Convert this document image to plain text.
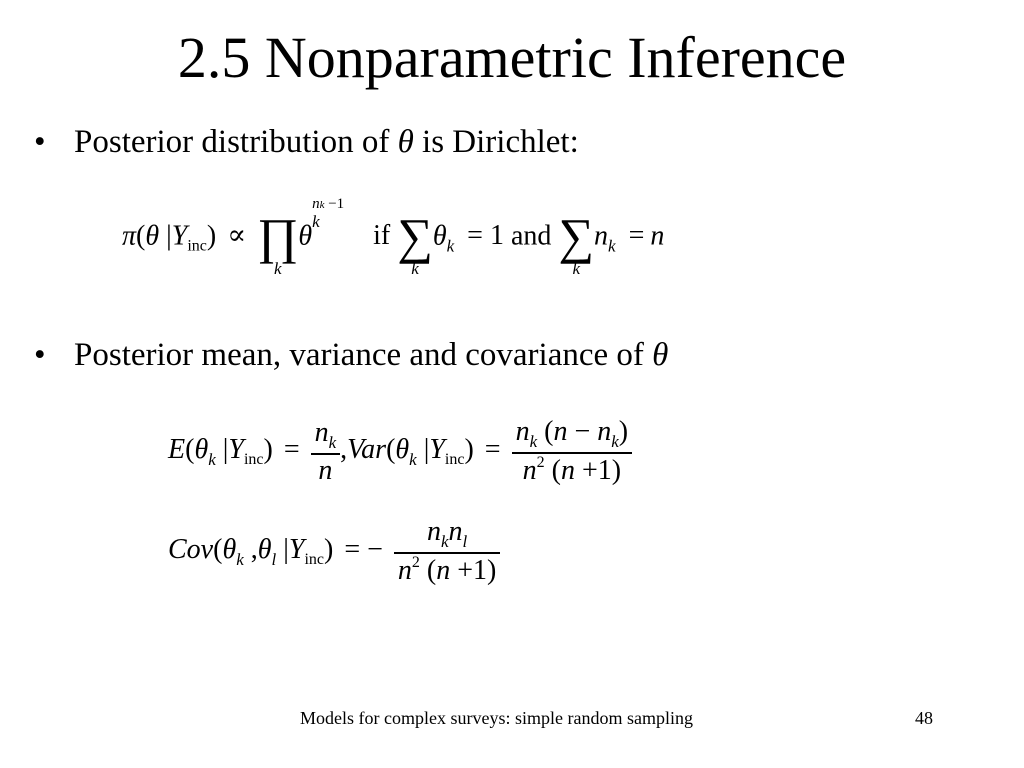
2.5 Nonparametric Inference
• Posterior distribution of θ is Dirichlet:
π(θ $|Y_{inc}$) ∝ ∏
k
θ
nk −1
k if ∑
k
$\theta_k = 1$ and ∑
k
$n_k = n$
• Posterior mean, variance and covariance of θ
$E(\theta_k$ $|Y_{inc}) = \frac{n_k}{n} ,Var(\theta_k$ $|Y_{inc}) = \frac{n_k (n - n_k)}{n^2 (n +1)}$
$Cov(\theta_k$ $,\theta_l$ $|Y_{inc}$) = − $\frac{n_kn_l}{n^2 (n +1)}$
Models for complex surveys: simple random sampling	48
